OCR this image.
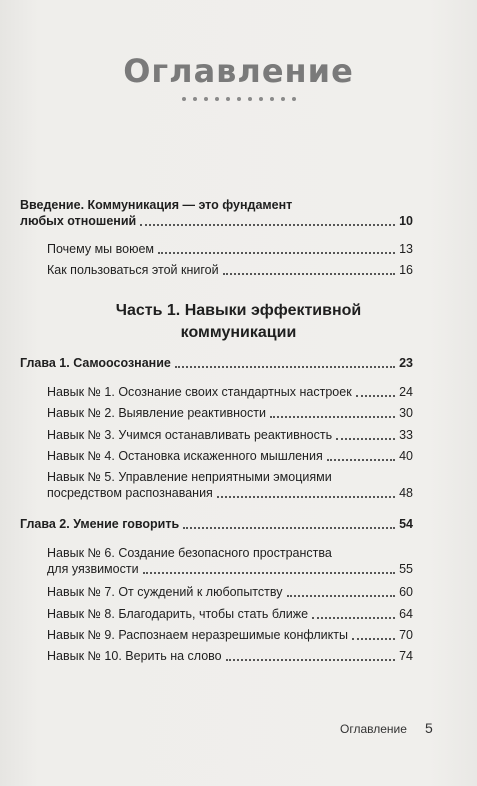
Оглавление
Введение. Коммуникация — это фундамент
любых отношений	10
Почему мы воюем	13
Как пользоваться этой книгой	16
Часть 1. Навыки эффективной
коммуникации
Глава 1. Самоосознание	23
Навык № 1. Осознание своих стандартных настроек	24
Навык № 2. Выявление реактивности	30
Навык № 3. Учимся останавливать реактивность	33
Навык № 4. Остановка искаженного мышления	40
Навык № 5. Управление неприятными эмоциями
посредством распознавания	48
Глава 2. Умение говорить	54
Навык № 6. Создание безопасного пространства
для уязвимости	55
Навык № 7. От суждений к любопытству	60
Навык № 8. Благодарить, чтобы стать ближе	64
Навык № 9. Распознаем неразрешимые конфликты	70
Навык № 10. Верить на слово	74
Оглавление 5
